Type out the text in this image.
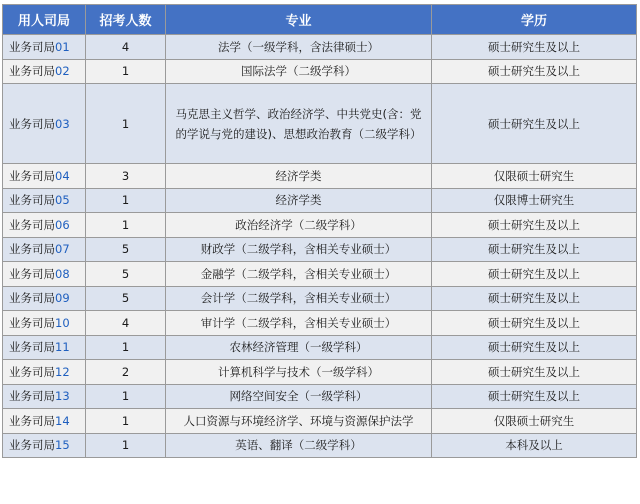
用人司局	招考人数	专业	学历
业务司局01	4	法学（一级学科，含法律硕士）	硕士研究生及以上
业务司局02	1	国际法学（二级学科）	硕士研究生及以上
业务司局03	1	马克思主义哲学、政治经济学、中共党史(含：党的学说与党的建设)、思想政治教育（二级学科）	硕士研究生及以上
业务司局04	3	经济学类	仅限硕士研究生
业务司局05	1	经济学类	仅限博士研究生
业务司局06	1	政治经济学（二级学科）	硕士研究生及以上
业务司局07	5	财政学（二级学科，含相关专业硕士）	硕士研究生及以上
业务司局08	5	金融学（二级学科，含相关专业硕士）	硕士研究生及以上
业务司局09	5	会计学（二级学科，含相关专业硕士）	硕士研究生及以上
业务司局10	4	审计学（二级学科，含相关专业硕士）	硕士研究生及以上
业务司局11	1	农林经济管理（一级学科）	硕士研究生及以上
业务司局12	2	计算机科学与技术（一级学科）	硕士研究生及以上
业务司局13	1	网络空间安全（一级学科）	硕士研究生及以上
业务司局14	1	人口资源与环境经济学、环境与资源保护法学	仅限硕士研究生
业务司局15	1	英语、翻译（二级学科）	本科及以上
